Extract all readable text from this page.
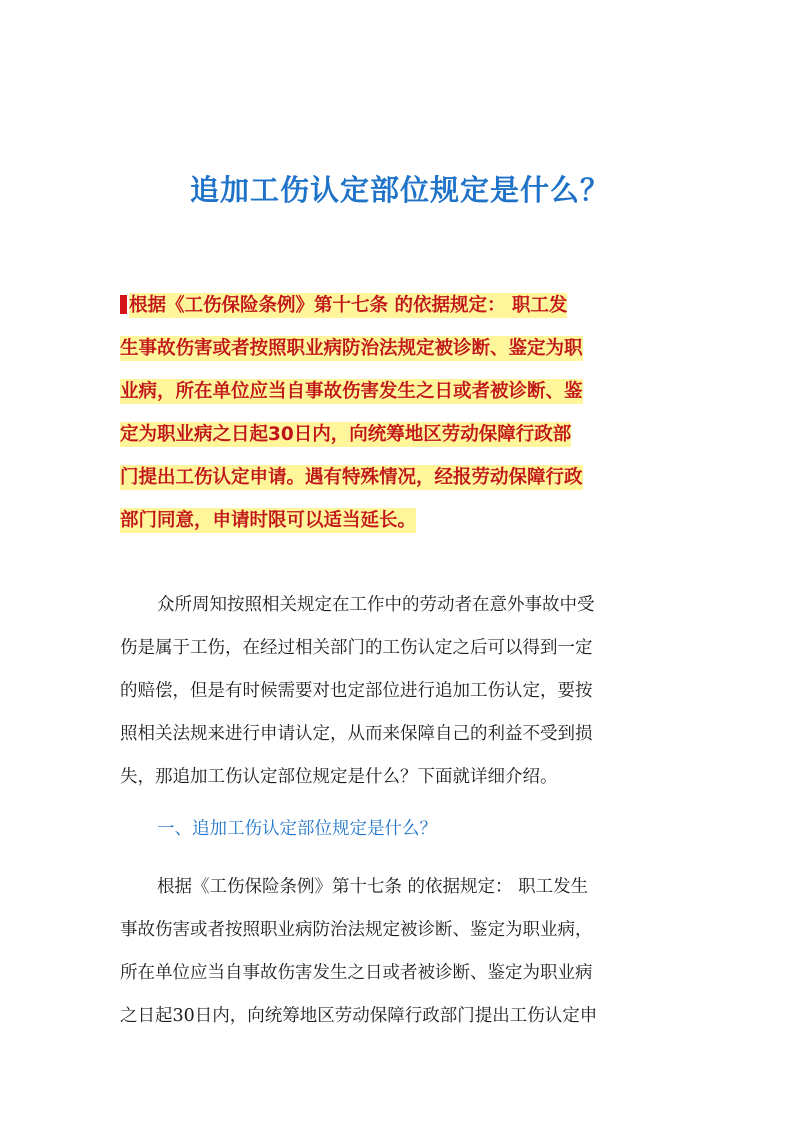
追加工伤认定部位规定是什么？
根据《工伤保险条例》第十七条 的依据规定： 职工发
生事故伤害或者按照职业病防治法规定被诊断、鉴定为职
业病，所在单位应当自事故伤害发生之日或者被诊断、鉴
定为职业病之日起30日内，向统筹地区劳动保障行政部
门提出工伤认定申请。遇有特殊情况，经报劳动保障行政
部门同意，申请时限可以适当延长。
众所周知按照相关规定在工作中的劳动者在意外事故中受
伤是属于工伤，在经过相关部门的工伤认定之后可以得到一定
的赔偿，但是有时候需要对也定部位进行追加工伤认定，要按
照相关法规来进行申请认定，从而来保障自己的利益不受到损
失，那追加工伤认定部位规定是什么？下面就详细介绍。
一、追加工伤认定部位规定是什么？
根据《工伤保险条例》第十七条 的依据规定： 职工发生
事故伤害或者按照职业病防治法规定被诊断、鉴定为职业病，
所在单位应当自事故伤害发生之日或者被诊断、鉴定为职业病
之日起30日内，向统筹地区劳动保障行政部门提出工伤认定申
